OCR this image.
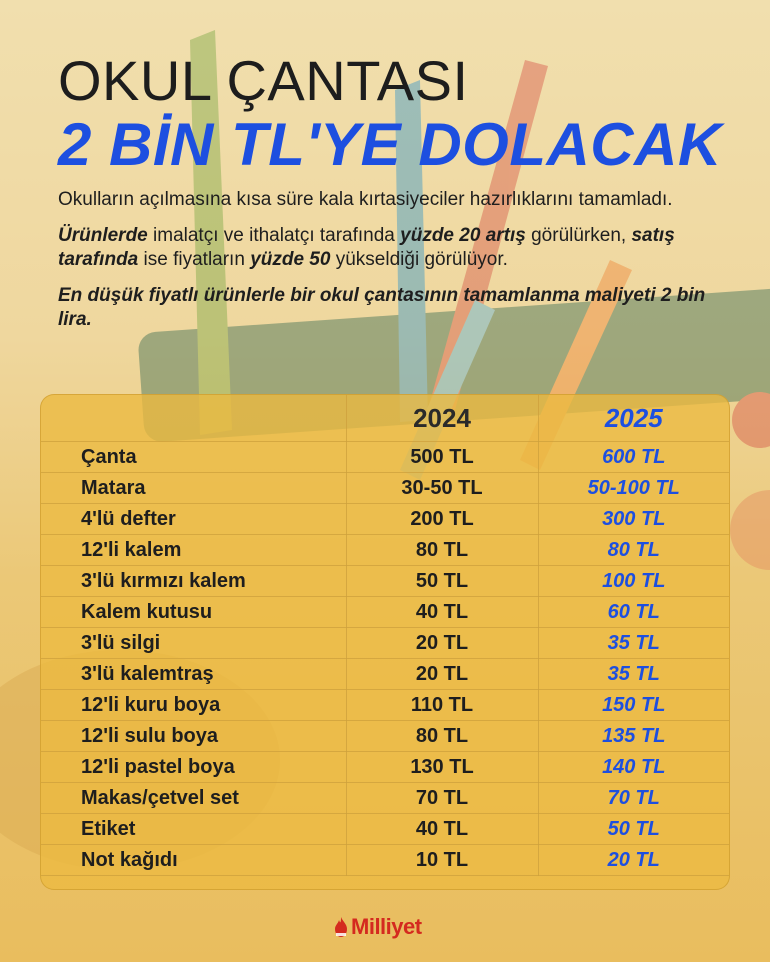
OKUL ÇANTASI
2 BİN TL'YE DOLACAK

Okulların açılmasına kısa süre kala kırtasiyeciler hazırlıklarını tamamladı.

Ürünlerde imalatçı ve ithalatçı tarafında yüzde 20 artış görülürken, satış tarafında ise fiyatların yüzde 50 yükseldiği görülüyor.

En düşük fiyatlı ürünlerle bir okul çantasının tamamlanma maliyeti 2 bin lira.

	2024	2025
Çanta	500 TL	600 TL
Matara	30-50 TL	50-100 TL
4'lü defter	200 TL	300 TL
12'li kalem	80 TL	80 TL
3'lü kırmızı kalem	50 TL	100 TL
Kalem kutusu	40 TL	60 TL
3'lü silgi	20 TL	35 TL
3'lü kalemtraş	20 TL	35 TL
12'li kuru boya	110 TL	150 TL
12'li sulu boya	80 TL	135 TL
12'li pastel boya	130 TL	140 TL
Makas/çetvel set	70 TL	70 TL
Etiket	40 TL	50 TL
Not kağıdı	10 TL	20 TL
Milliyet
